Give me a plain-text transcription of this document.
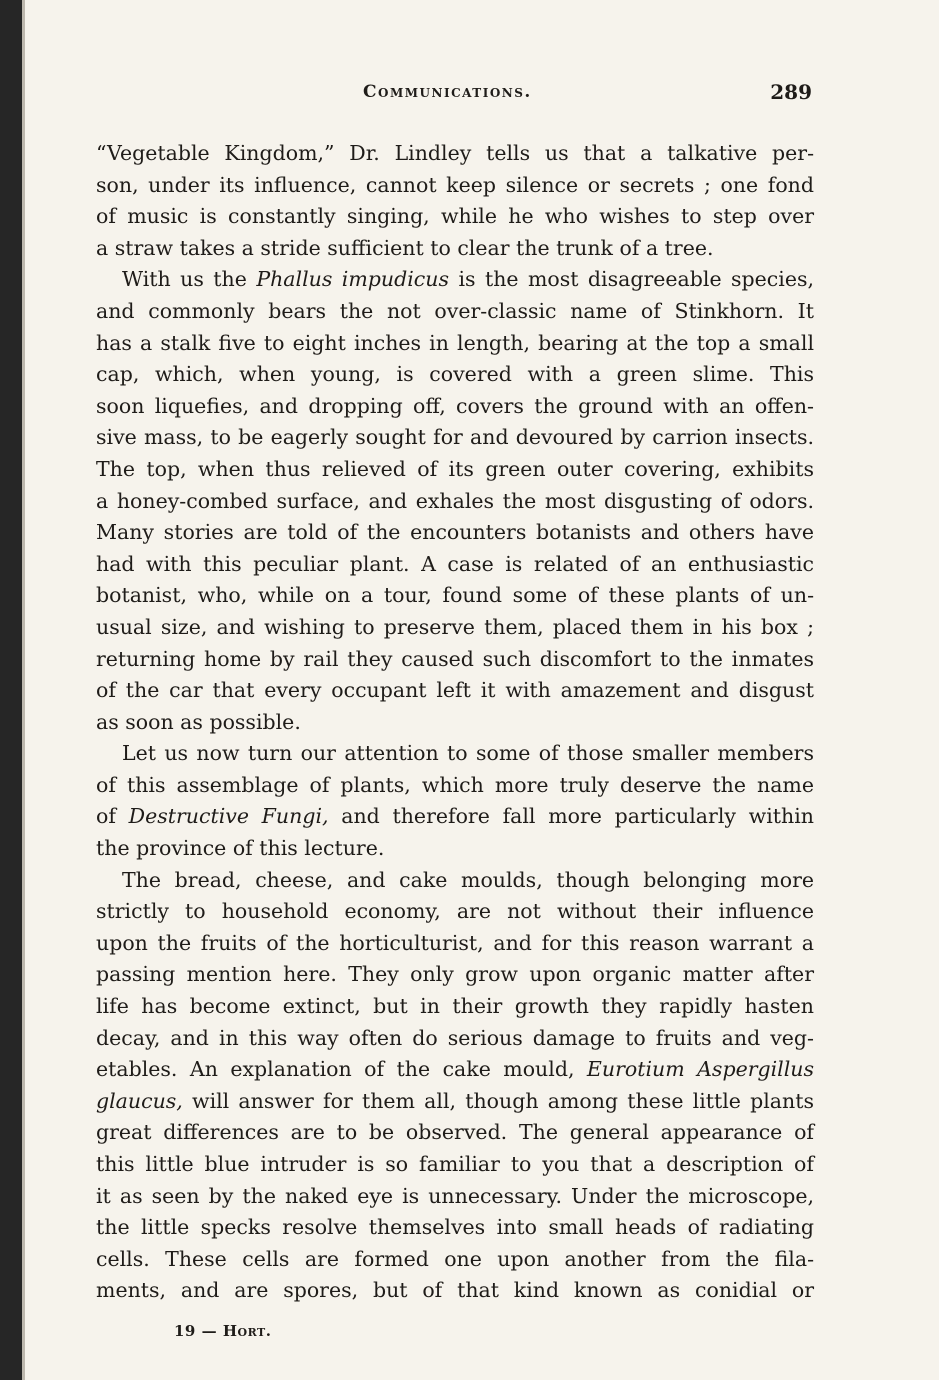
Communications.	289

“Vegetable Kingdom,” Dr. Lindley tells us that a talkative per-

son, under its influence, cannot keep silence or secrets ; one fond

of music is constantly singing, while he who wishes to step over

a straw takes a stride sufficient to clear the trunk of a tree.

With us the Phallus impudicus is the most disagreeable species,

and commonly bears the not over-classic name of Stinkhorn. It

has a stalk five to eight inches in length, bearing at the top a small

cap, which, when young, is covered with a green slime. This

soon liquefies, and dropping off, covers the ground with an offen-

sive mass, to be eagerly sought for and devoured by carrion insects.

The top, when thus relieved of its green outer covering, exhibits

a honey-combed surface, and exhales the most disgusting of odors.

Many stories are told of the encounters botanists and others have

had with this peculiar plant. A case is related of an enthusiastic

botanist, who, while on a tour, found some of these plants of un-

usual size, and wishing to preserve them, placed them in his box ;

returning home by rail they caused such discomfort to the inmates

of the car that every occupant left it with amazement and disgust

as soon as possible.

Let us now turn our attention to some of those smaller members

of this assemblage of plants, which more truly deserve the name

of Destructive Fungi, and therefore fall more particularly within

the province of this lecture.

The bread, cheese, and cake moulds, though belonging more

strictly to household economy, are not without their influence

upon the fruits of the horticulturist, and for this reason warrant a

passing mention here. They only grow upon organic matter after

life has become extinct, but in their growth they rapidly hasten

decay, and in this way often do serious damage to fruits and veg-

etables. An explanation of the cake mould, Eurotium Aspergillus

glaucus, will answer for them all, though among these little plants

great differences are to be observed. The general appearance of

this little blue intruder is so familiar to you that a description of

it as seen by the naked eye is unnecessary. Under the microscope,

the little specks resolve themselves into small heads of radiating

cells. These cells are formed one upon another from the fila-

ments, and are spores, but of that kind known as conidial or

19 — Hort.
